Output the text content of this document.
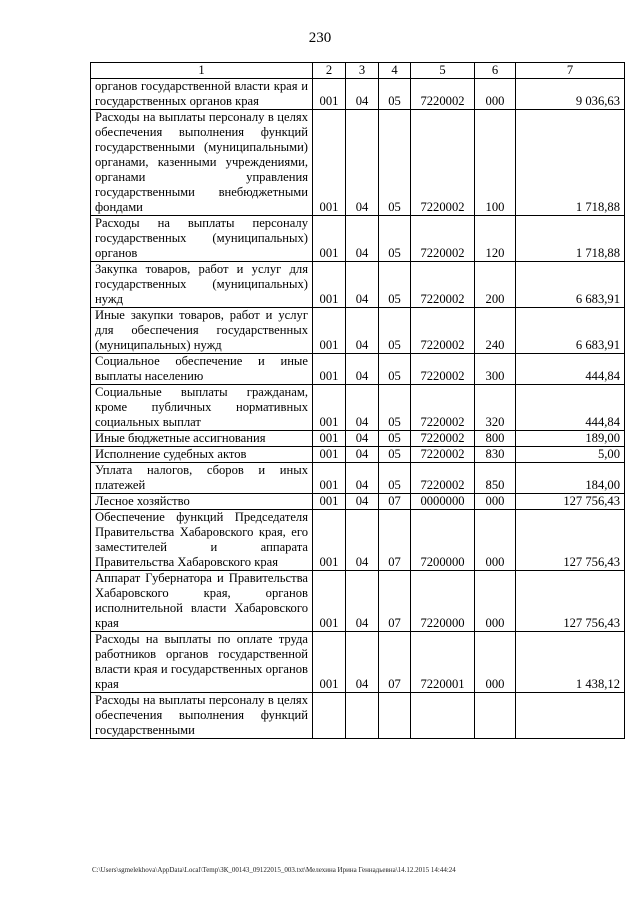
230
1	2	3	4	5	6	7
органов государственной власти края и государственных органов края	001	04	05	7220002	000	9 036,63
Расходы на выплаты персоналу в целях обеспечения выполнения функций государственными (муниципальными) органами, казенными учреждениями, органами управления государственными внебюджетными фондами	001	04	05	7220002	100	1 718,88
Расходы на выплаты персоналу государственных (муниципальных) органов	001	04	05	7220002	120	1 718,88
Закупка товаров, работ и услуг для государственных (муниципальных) нужд	001	04	05	7220002	200	6 683,91
Иные закупки товаров, работ и услуг для обеспечения государственных (муниципальных) нужд	001	04	05	7220002	240	6 683,91
Социальное обеспечение и иные выплаты населению	001	04	05	7220002	300	444,84
Социальные выплаты гражданам, кроме публичных нормативных социальных выплат	001	04	05	7220002	320	444,84
Иные бюджетные ассигнования	001	04	05	7220002	800	189,00
Исполнение судебных актов	001	04	05	7220002	830	5,00
Уплата налогов, сборов и иных платежей	001	04	05	7220002	850	184,00
Лесное хозяйство	001	04	07	0000000	000	127 756,43
Обеспечение функций Председателя Правительства Хабаровского края, его заместителей и аппарата Правительства Хабаровского края	001	04	07	7200000	000	127 756,43
Аппарат Губернатора и Правительства Хабаровского края, органов исполнительной власти Хабаровского края	001	04	07	7220000	000	127 756,43
Расходы на выплаты по оплате труда работников органов государственной власти края и государственных органов края	001	04	07	7220001	000	1 438,12
Расходы на выплаты персоналу в целях обеспечения выполнения функций государственными						
C:\Users\sgmelekhova\AppData\Local\Temp\ЗК_00143_09122015_003.txt\Мелехина Ирина Геннадьевна\14.12.2015 14:44:24
